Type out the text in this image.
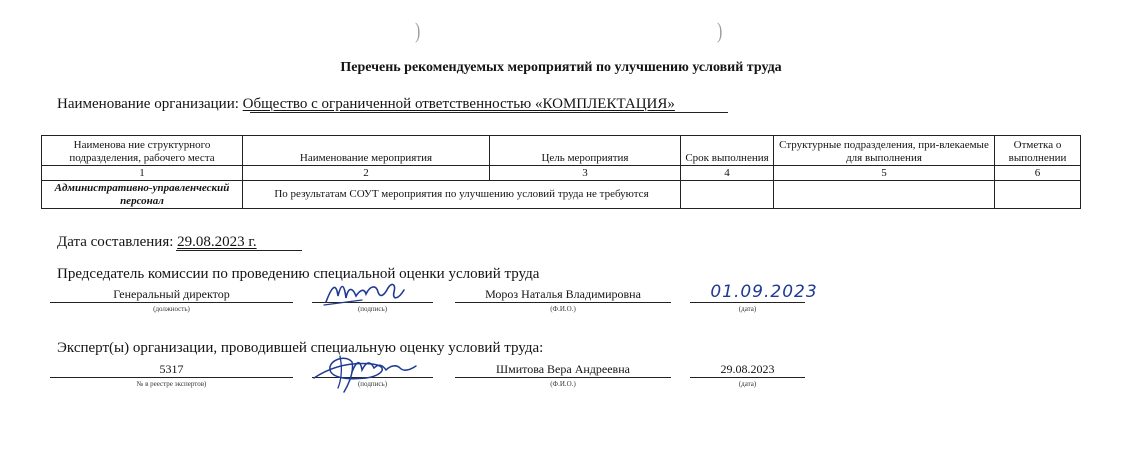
)	)
Перечень рекомендуемых мероприятий по улучшению условий труда
Наименование организации: Общество с ограниченной ответственностью «КОМПЛЕКТАЦИЯ»
Наименова ние структурного подразделения, рабочего места	Наименование мероприятия	Цель мероприятия	Срок выполнения	Структурные подразделения, при-влекаемые для выполнения	Отметка о выполнении
1	2	3	4	5	6
Административно-управленческий персонал	По результатам СОУТ мероприятия по улучшению условий труда не требуются				
Дата составления: 29.08.2023 г.
Председатель комиссии по проведению специальной оценки условий труда
Генеральный директор
(должность)	(подпись)
Мороз Наталья Владимировна
(Ф.И.О.)
01.09.2023
(дата)
Эксперт(ы) организации, проводившей специальную оценку условий труда:
5317
№ в реестре экспертов)	(подпись)
Шмитова Вера Андреевна
(Ф.И.О.)
29.08.2023
(дата)
